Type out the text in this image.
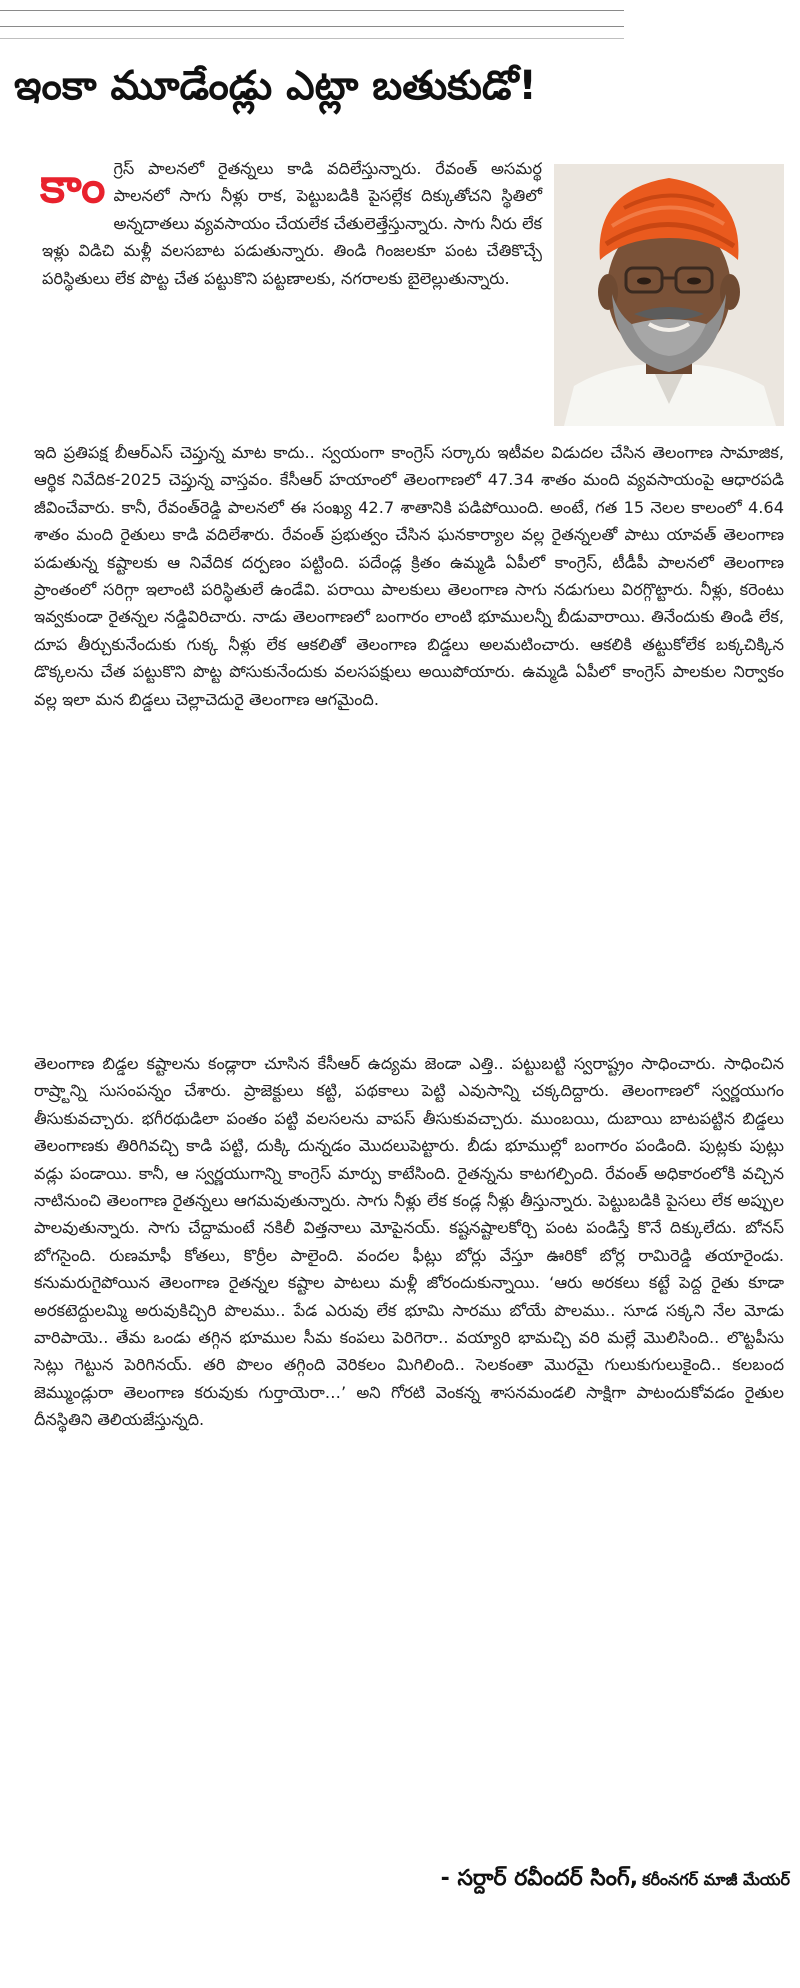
ఇంకా మూడేండ్లు ఎట్లా బతుకుడో!

కాంగ్రెస్ పాలనలో రైతన్నలు కాడి వదిలేస్తున్నారు. రేవంత్ అసమర్థ పాలనలో సాగు నీళ్లు రాక, పెట్టుబడికి పైసల్లేక దిక్కుతోచని స్థితిలో అన్నదాతలు వ్యవసాయం చేయలేక చేతులెత్తేస్తున్నారు. సాగు నీరు లేక ఇళ్లు విడిచి మళ్లీ వలసబాట పడుతున్నారు. తిండి గింజలకూ పంట చేతికొచ్చే పరిస్థితులు లేక పొట్ట చేత పట్టుకొని పట్టణాలకు, నగరాలకు బైలెల్లుతున్నారు.

ఇది ప్రతిపక్ష బీఆర్ఎస్ చెప్తున్న మాట కాదు.. స్వయంగా కాంగ్రెస్ సర్కారు ఇటీవల విడుదల చేసిన తెలంగాణ సామాజిక, ఆర్థిక నివేదిక-2025 చెప్తున్న వాస్తవం. కేసీఆర్ హయాంలో తెలంగాణలో 47.34 శాతం మంది వ్యవసాయంపై ఆధారపడి జీవించేవారు. కానీ, రేవంత్‌రెడ్డి పాలనలో ఈ సంఖ్య 42.7 శాతానికి పడిపోయింది. అంటే, గత 15 నెలల కాలంలో 4.64 శాతం మంది రైతులు కాడి వదిలేశారు. రేవంత్ ప్రభుత్వం చేసిన ఘనకార్యాల వల్ల రైతన్నలతో పాటు యావత్ తెలంగాణ పడుతున్న కష్టాలకు ఆ నివేదిక దర్పణం పట్టింది. పదేండ్ల క్రితం ఉమ్మడి ఏపీలో కాంగ్రెస్, టీడీపీ పాలనలో తెలంగాణ ప్రాంతంలో సరిగ్గా ఇలాంటి పరిస్థితులే ఉండేవి. పరాయి పాలకులు తెలంగాణ సాగు నడుగులు విరగ్గొట్టారు. నీళ్లు, కరెంటు ఇవ్వకుండా రైతన్నల నడ్డివిరిచారు. నాడు తెలంగాణలో బంగారం లాంటి భూములన్నీ బీడువారాయి. తినేందుకు తిండి లేక, దూప తీర్చుకునేందుకు గుక్క నీళ్లు లేక ఆకలితో తెలంగాణ బిడ్డలు అలమటించారు. ఆకలికి తట్టుకోలేక బక్కచిక్కిన డొక్కలను చేత పట్టుకొని పొట్ట పోసుకునేందుకు వలసపక్షులు అయిపోయారు. ఉమ్మడి ఏపీలో కాంగ్రెస్ పాలకుల నిర్వాకం వల్ల ఇలా మన బిడ్డలు చెల్లాచెదురై తెలంగాణ ఆగమైంది.

తెలంగాణ బిడ్డల కష్టాలను కండ్లారా చూసిన కేసీఆర్ ఉద్యమ జెండా ఎత్తి.. పట్టుబట్టి స్వరాష్ట్రం సాధించారు. సాధించిన రాష్ర్టాన్ని సుసంపన్నం చేశారు. ప్రాజెక్టులు కట్టి, పథకాలు పెట్టి ఎవుసాన్ని చక్కదిద్దారు. తెలంగాణలో స్వర్ణయుగం తీసుకువచ్చారు. భగీరథుడిలా పంతం పట్టి వలసలను వాపస్ తీసుకువచ్చారు. ముంబయి, దుబాయి బాటపట్టిన బిడ్డలు తెలంగాణకు తిరిగివచ్చి కాడి పట్టి, దుక్కి దున్నడం మొదలుపెట్టారు. బీడు భూముల్లో బంగారం పండింది. పుట్లకు పుట్లు వడ్లు పండాయి. కానీ, ఆ స్వర్ణయుగాన్ని కాంగ్రెస్ మార్పు కాటేసింది. రైతన్నను కాటగల్పింది. రేవంత్ అధికారంలోకి వచ్చిన నాటినుంచి తెలంగాణ రైతన్నలు ఆగమవుతున్నారు. సాగు నీళ్లు లేక కండ్ల నీళ్లు తీస్తున్నారు. పెట్టుబడికి పైసలు లేక అప్పుల పాలవుతున్నారు. సాగు చేద్దామంటే నకిలీ విత్తనాలు మోపైనయ్. కష్టనష్టాలకోర్చి పంట పండిస్తే కొనే దిక్కులేదు. బోనస్ బోగసైంది. రుణమాఫీ కోతలు, కొర్రీల పాలైంది. వందల ఫీట్లు బోర్లు వేస్తూ ఊరికో బోర్ల రామిరెడ్డి తయారైండు. కనుమరుగైపోయిన తెలంగాణ రైతన్నల కష్టాల పాటలు మళ్లీ జోరందుకున్నాయి. ‘ఆరు అరకలు కట్టే పెద్ద రైతు కూడా అరకటెద్దులమ్మి అరువుకిచ్చిరి పొలము.. పేడ ఎరువు లేక భూమి సారము బోయే పొలము.. సూడ సక్కని నేల మోడు వారిపాయె.. తేమ ఒండు తగ్గిన భూముల సీమ కంపలు పెరిగెరా.. వయ్యారి భామచ్చి వరి మల్లే మొలిసింది.. లొట్టపీసు సెట్లు గెట్టున పెరిగినయ్. తరి పొలం తగ్గింది వెరికలం మిగిలింది.. సెలకంతా మొరమై గులుకుగులుకైంది.. కలబంద జెమ్ముండ్లురా తెలంగాణ కరువుకు గుర్తాయెరా…’ అని గోరటి వెంకన్న శాసనమండలి సాక్షిగా పాటందుకోవడం రైతుల దీనస్థితిని తెలియజేస్తున్నది.

- సర్దార్ రవీందర్ సింగ్, కరీంనగర్ మాజీ మేయర్
